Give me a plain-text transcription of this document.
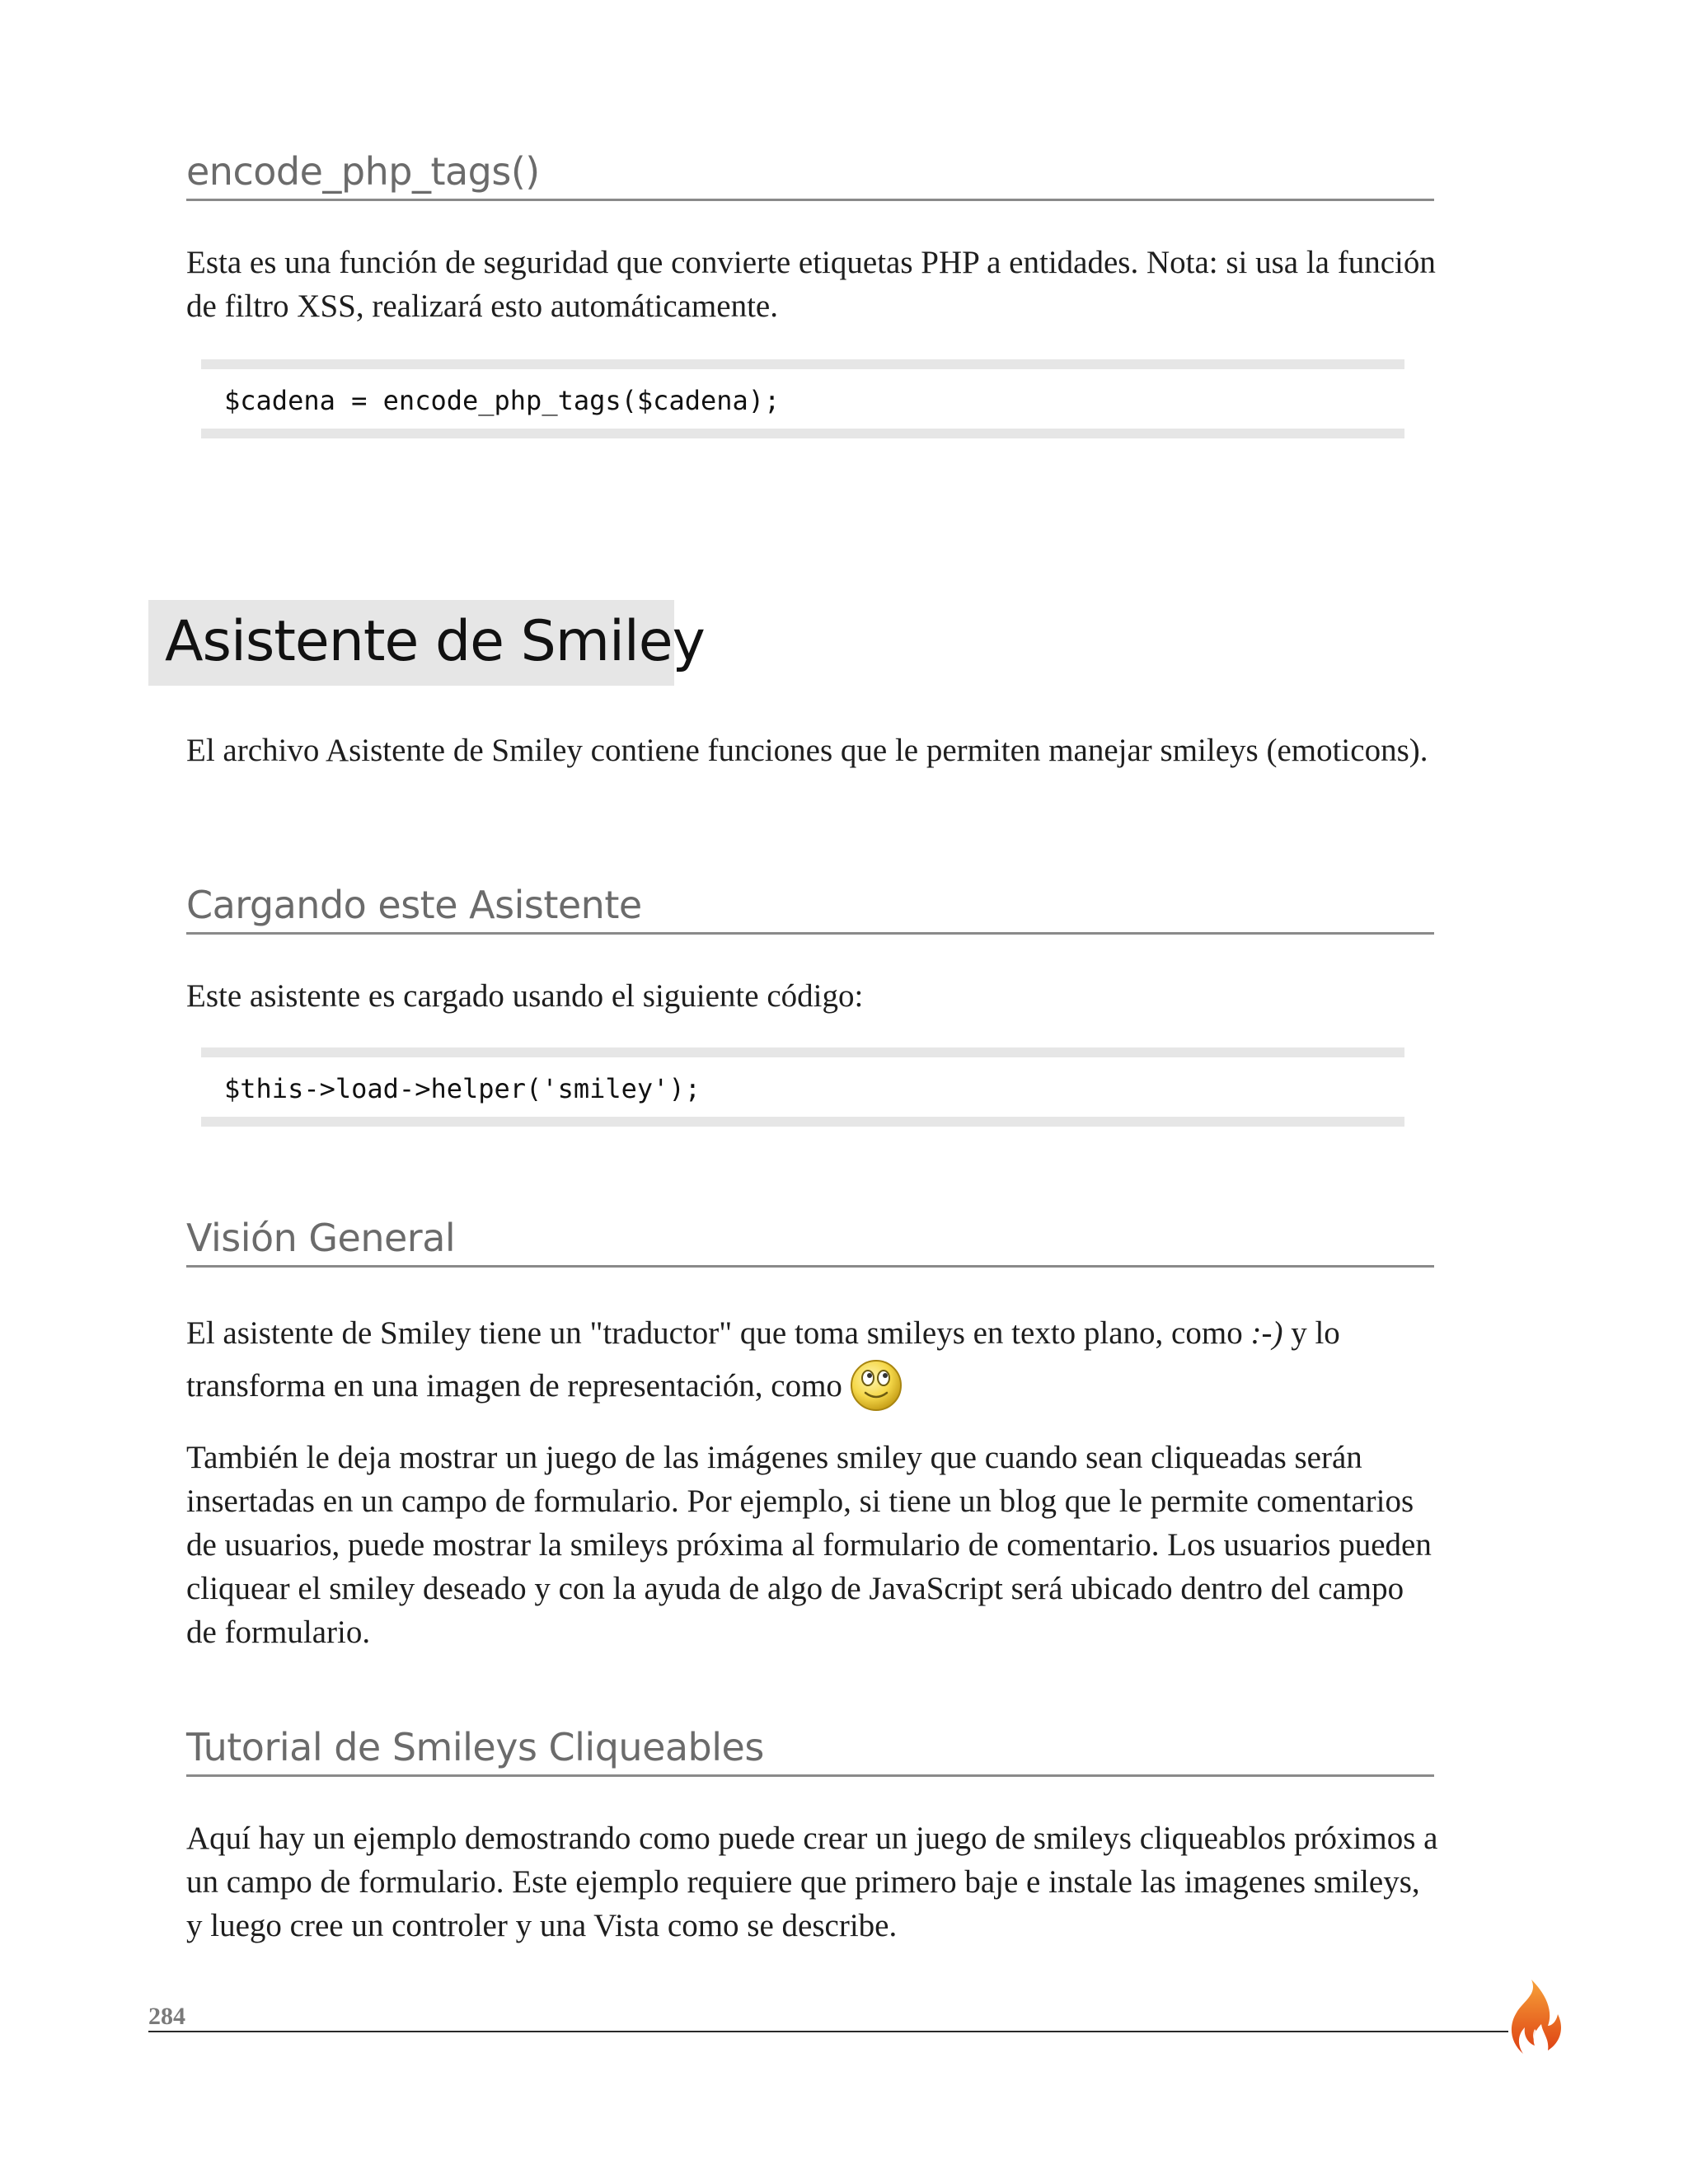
encode_php_tags()
Esta es una función de seguridad que convierte etiquetas PHP a entidades. Nota: si usa la función de filtro XSS, realizará esto automáticamente.
$cadena = encode_php_tags($cadena);
Asistente de Smiley
El archivo Asistente de Smiley contiene funciones que le permiten manejar smileys (emoticons).
Cargando este Asistente
Este asistente es cargado usando el siguiente código:
$this->load->helper('smiley');
Visión General
El asistente de Smiley tiene un "traductor" que toma smileys en texto plano, como :-) y lo transforma en una imagen de representación, como
También le deja mostrar un juego de las imágenes smiley que cuando sean cliqueadas serán insertadas en un campo de formulario. Por ejemplo, si tiene un blog que le permite comentarios de usuarios, puede mostrar la smileys próxima al formulario de comentario. Los usuarios pueden cliquear el smiley deseado y con la ayuda de algo de JavaScript será ubicado dentro del campo de formulario.
Tutorial de Smileys Cliqueables
Aquí hay un ejemplo demostrando como puede crear un juego de smileys cliqueablos próximos a un campo de formulario. Este ejemplo requiere que primero baje e instale las imagenes smileys, y luego cree un controler y una Vista como se describe.
284
